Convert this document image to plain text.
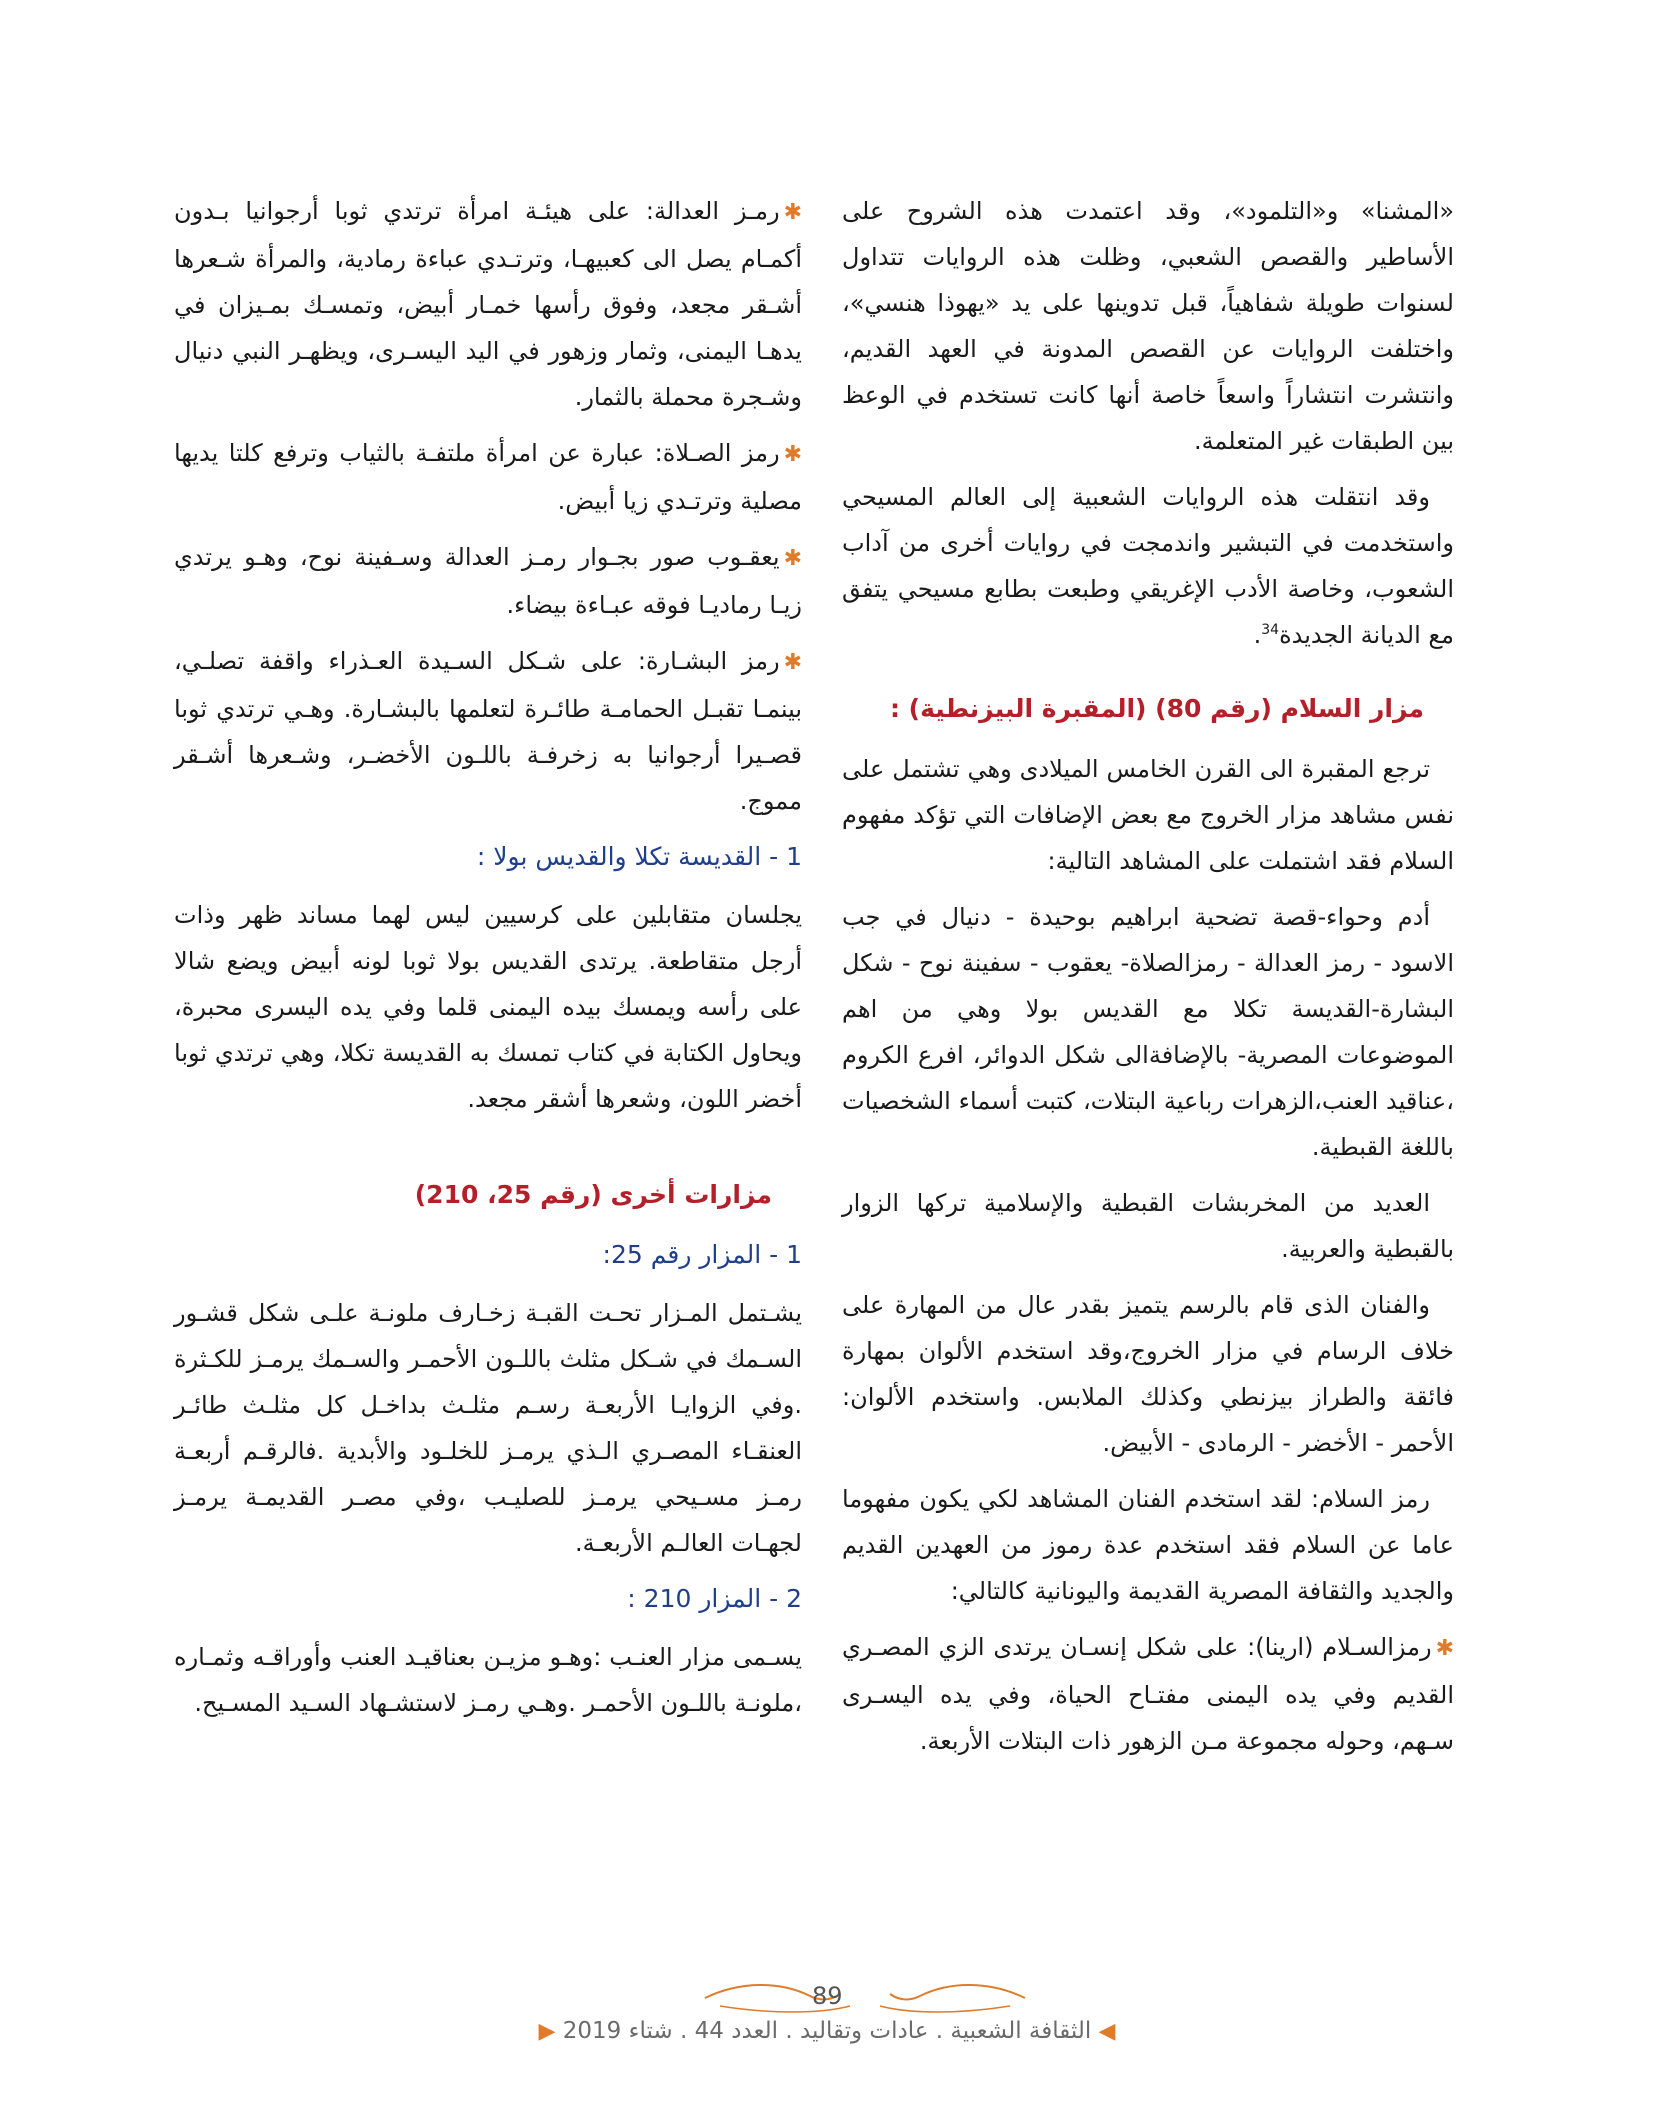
«المشنا» و«التلمود»، وقد اعتمدت هذه الشروح على الأساطير والقصص الشعبي، وظلت هذه الروايات تتداول لسنوات طويلة شفاهياً، قبل تدوينها على يد «يهوذا هنسي»، واختلفت الروايات عن القصص المدونة في العهد القديم، وانتشرت انتشاراً واسعاً خاصة أنها كانت تستخدم في الوعظ بين الطبقات غير المتعلمة.

وقد انتقلت هذه الروايات الشعبية إلى العالم المسيحي واستخدمت في التبشير واندمجت في روايات أخرى من آداب الشعوب، وخاصة الأدب الإغريقي وطبعت بطابع مسيحي يتفق مع الديانة الجديدة$^{34}$.

مزار السلام (رقم 80) (المقبرة البيزنطية) :

ترجع المقبرة الى القرن الخامس الميلادى وهي تشتمل على نفس مشاهد مزار الخروج مع بعض الإضافات التي تؤكد مفهوم السلام فقد اشتملت على المشاهد التالية:

أدم وحواء-قصة تضحية ابراهيم بوحيدة - دنيال في جب الاسود - رمز العدالة - رمزالصلاة- يعقوب - سفينة نوح - شكل البشارة-القديسة تكلا مع القديس بولا وهي من اهم الموضوعات المصرية- بالإضافةالى شكل الدوائر، افرع الكروم ،عناقيد العنب،الزهرات رباعية البتلات، كتبت أسماء الشخصيات باللغة القبطية.

العديد من المخربشات القبطية والإسلامية تركها الزوار بالقبطية والعربية.

والفنان الذى قام بالرسم يتميز بقدر عال من المهارة على خلاف الرسام في مزار الخروج،وقد استخدم الألوان بمهارة فائقة والطراز بيزنطي وكذلك الملابس. واستخدم الألوان: الأحمر - الأخضر - الرمادى - الأبيض.

رمز السلام: لقد استخدم الفنان المشاهد لكي يكون مفهوما عاما عن السلام فقد استخدم عدة رموز من العهدين القديم والجديد والثقافة المصرية القديمة واليونانية كالتالي:

✱رمزالسـلام (ارينا): على شكل إنسـان يرتدى الزي المصـري القديم وفي يده اليمنى مفتـاح الحياة، وفي يده اليسـرى سـهم، وحوله مجموعة مـن الزهور ذات البتلات الأربعة.

✱رمـز العدالة: على هيئـة امرأة ترتدي ثوبا أرجوانيا بـدون أكمـام يصل الى كعبيهـا، وترتـدي عباءة رمادية، والمرأة شـعرها أشـقر مجعد، وفوق رأسها خمـار أبيض، وتمسـك بمـيزان في يدهـا اليمنى، وثمار وزهور في اليد اليسـرى، ويظهـر النبي دنيال وشـجرة محملة بالثمار.

✱رمز الصـلاة: عبارة عن امرأة ملتفـة بالثياب وترفع كلتا يديها مصلية وترتـدي زيا أبيض.

✱يعقـوب صور بجـوار رمـز العدالة وسـفينة نوح، وهـو يرتدي زيـا رماديـا فوقه عبـاءة بيضاء.

✱رمز البشـارة: على شـكل السـيدة العـذراء واقفة تصلـي، بينمـا تقبـل الحمامـة طائـرة لتعلمها بالبشـارة. وهـي ترتدي ثوبا قصـيرا أرجوانيا به زخرفـة باللـون الأخضـر، وشـعرها أشـقر مموج.

1 - القديسة تكلا والقديس بولا :

يجلسان متقابلين على كرسيين ليس لهما مساند ظهر وذات أرجل متقاطعة. يرتدى القديس بولا ثوبا لونه أبيض ويضع شالا على رأسه ويمسك بيده اليمنى قلما وفي يده اليسرى محبرة، ويحاول الكتابة في كتاب تمسك به القديسة تكلا، وهي ترتدي ثوبا أخضر اللون، وشعرها أشقر مجعد.

مزارات أخرى (رقم 25، 210)
1 - المزار رقم 25:

يشـتمل المـزار تحـت القبـة زخـارف ملونـة علـى شكل قشـور السـمك في شـكل مثلث باللـون الأحمـر والسـمك يرمـز للكـثرة .وفي الزوايـا الأربعـة رسـم مثلـث بداخـل كل مثلـث طائـر العنقـاء المصـري الـذي يرمـز للخلـود والأبدية .فالرقـم أربعـة رمـز مسـيحي يرمـز للصليـب ،وفي مصـر القديمـة يرمـز لجهـات العالـم الأربعـة.

2 - المزار 210 :

يسـمى مزار العنـب :وهـو مزيـن بعناقيـد العنب وأوراقـه وثمـاره ،ملونـة باللـون الأحمـر .وهـي رمـز لاستشـهاد السـيد المسـيح.

89
◀ الثقافة الشعبية . عادات وتقاليد . العدد 44 . شتاء 2019 ▶
